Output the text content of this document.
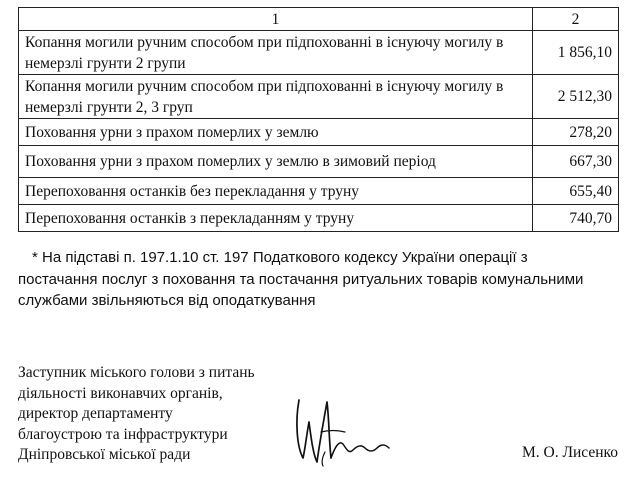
1	2
Копання могили ручним способом при підпохованні в існуючу могилу в немерзлі грунти 2 групи	1 856,10
Копання могили ручним способом при підпохованні в існуючу могилу в немерзлі грунти 2, 3 груп	2 512,30
Поховання урни з прахом померлих у землю	278,20
Поховання урни з прахом померлих у землю в зимовий період	667,30
Перепоховання останків без перекладання у труну	655,40
Перепоховання останків з перекладанням у труну	740,70
* На підставі п. 197.1.10 ст. 197 Податкового кодексу України операції з
постачання послуг з поховання та постачання ритуальних товарів комунальними
службами звільняються від оподаткування
Заступник міського голови з питань
діяльності виконавчих органів,
директор департаменту
благоустрою та інфраструктури
Дніпровської міської ради	М. О. Лисенко
